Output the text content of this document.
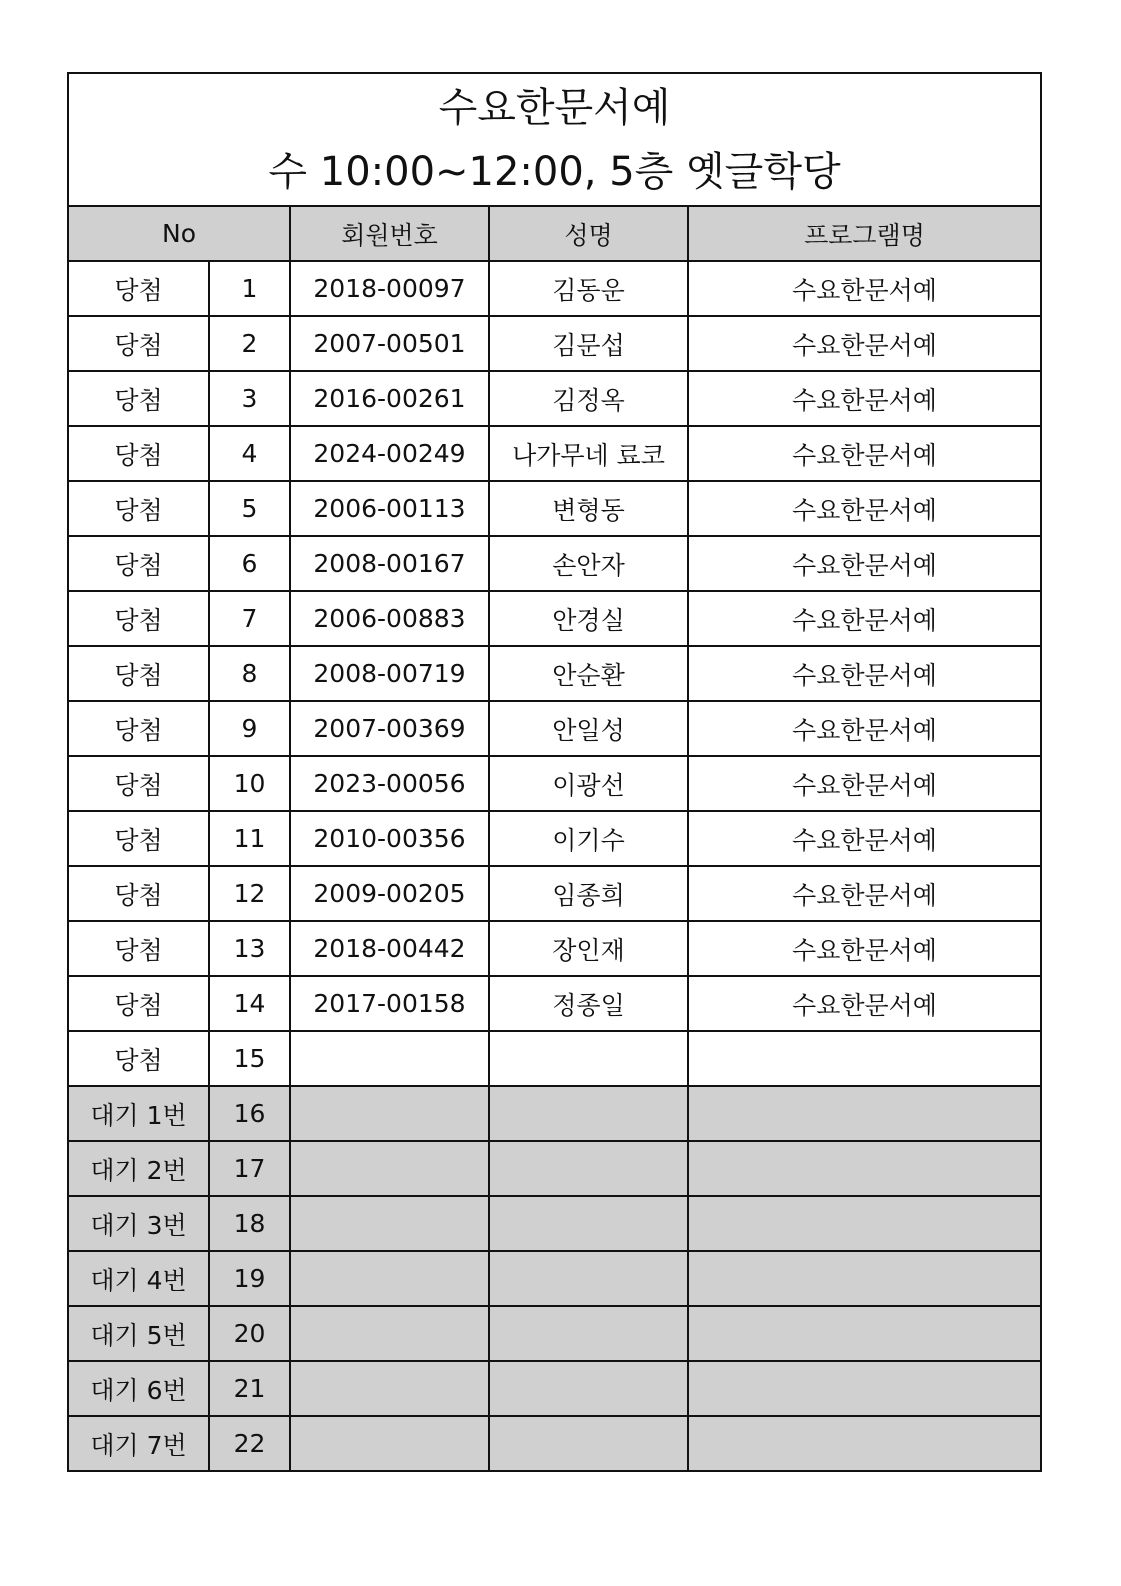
수요한문서예
수 10:00~12:00, 5층 옛글학당				

No		회원번호	성명	프로그램명
당첨	1	2018-00097	김동운	수요한문서예
당첨	2	2007-00501	김문섭	수요한문서예
당첨	3	2016-00261	김정옥	수요한문서예
당첨	4	2024-00249	나가무네 료코	수요한문서예
당첨	5	2006-00113	변형동	수요한문서예
당첨	6	2008-00167	손안자	수요한문서예
당첨	7	2006-00883	안경실	수요한문서예
당첨	8	2008-00719	안순환	수요한문서예
당첨	9	2007-00369	안일성	수요한문서예
당첨	10	2023-00056	이광선	수요한문서예
당첨	11	2010-00356	이기수	수요한문서예
당첨	12	2009-00205	임종희	수요한문서예
당첨	13	2018-00442	장인재	수요한문서예
당첨	14	2017-00158	정종일	수요한문서예
당첨	15			
대기 1번	16			
대기 2번	17			
대기 3번	18			
대기 4번	19			
대기 5번	20			
대기 6번	21			
대기 7번	22			
